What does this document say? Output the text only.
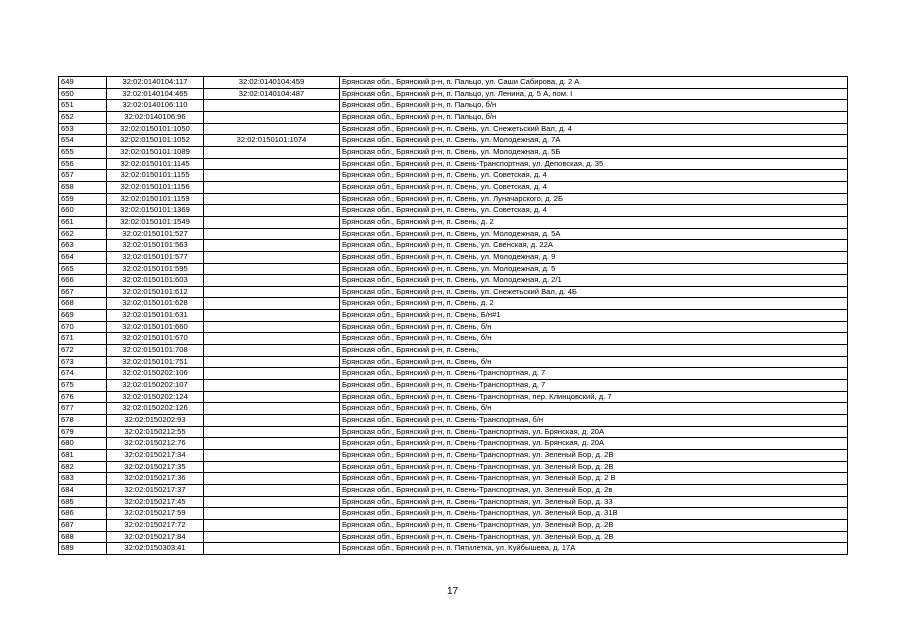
649	32:02:0140104:117	32:02:0140104:459	Брянская обл., Брянский р-н, п. Пальцо, ул. Саши Сабирова, д. 2 А
650	32:02:0140104:465	32:02:0140104:487	Брянская обл., Брянский р-н, п. Пальцо, ул. Ленина, д. 5 А, пом. I
651	32:02:0140106:110		Брянская обл., Брянский р-н, п. Пальцо, б/н
652	32:02:0140106:96		Брянская обл., Брянский р-н, п. Пальцо, б/н
653	32:02:0150101:1050		Брянская обл., Брянский р-н, п. Свень, ул. Снежетьский Вал, д. 4
654	32:02:0150101:1052	32:02:0150101:1074	Брянская обл., Брянский р-н, п. Свень, ул. Молодежная, д. 7А
655	32:02:0150101:1089		Брянская обл., Брянский р-н, п. Свень, ул. Молодежная, д. 5Б
656	32:02:0150101:1145		Брянская обл., Брянский р-н, п. Свень-Транспортная, ул. Деповская, д. 35
657	32:02:0150101:1155		Брянская обл., Брянский р-н, п. Свень, ул. Советская, д. 4
658	32:02:0150101:1156		Брянская обл., Брянский р-н, п. Свень, ул. Советская, д. 4
659	32:02:0150101:1159		Брянская обл., Брянский р-н, п. Свень, ул. Луначарского, д. 2Б
660	32:02:0150101:1369		Брянская обл., Брянский р-н, п. Свень, ул. Советская, д. 4
661	32:02:0150101:1549		Брянская обл., Брянский р-н, п. Свень, д. 2
662	32:02:0150101:527		Брянская обл., Брянский р-н, п. Свень, ул. Молодежная, д. 5А
663	32:02:0150101:563		Брянская обл., Брянский р-н, п. Свень, ул. Свенская, д. 22А
664	32:02:0150101:577		Брянская обл., Брянский р-н, п. Свень, ул. Молодежная, д. 9
665	32:02:0150101:595		Брянская обл., Брянский р-н, п. Свень, ул. Молодежная, д. 5
666	32:02:0150101:603		Брянская обл., Брянский р-н, п. Свень, ул. Молодежная, д. 2/1
667	32:02:0150101:612		Брянская обл., Брянский р-н, п. Свень, ул. Снежетьский Вал, д. 4Б
668	32:02:0150101:628		Брянская обл., Брянский р-н, п. Свень, д. 2
669	32:02:0150101:631		Брянская обл., Брянский р-н, п. Свень, Б/н#1
670	32:02:0150101:660		Брянская обл., Брянский р-н, п. Свень, б/н
671	32:02:0150101:670		Брянская обл., Брянский р-н, п. Свень, б/н
672	32:02:0150101:708		Брянская обл., Брянский р-н, п. Свень,
673	32:02:0150101:751		Брянская обл., Брянский р-н, п. Свень, б/н
674	32:02:0150202:106		Брянская обл., Брянский р-н, п. Свень-Транспортная, д. 7
675	32:02:0150202:107		Брянская обл., Брянский р-н, п. Свень-Транспортная, д. 7
676	32:02:0150202:124		Брянская обл., Брянский р-н, п. Свень-Транспортная, пер. Клинцовский, д. 7
677	32:02:0150202:126		Брянская обл., Брянский р-н, п. Свень, б/н
678	32:02:0150202:93		Брянская обл., Брянский р-н, п. Свень-Транспортная, б/н
679	32:02:0150212:55		Брянская обл., Брянский р-н, п. Свень-Транспортная, ул. Брянская, д. 20А
680	32:02:0150212:76		Брянская обл., Брянский р-н, п. Свень-Транспортная, ул. Брянская, д. 20А
681	32:02:0150217:34		Брянская обл., Брянский р-н, п. Свень-Транспортная, ул. Зеленый Бор, д. 2В
682	32:02:0150217:35		Брянская обл., Брянский р-н, п. Свень-Транспортная, ул. Зеленый Бор, д. 2В
683	32:02:0150217:36		Брянская обл., Брянский р-н, п. Свень-Транспортная, ул. Зеленый Бор, д. 2 В
684	32:02:0150217:37		Брянская обл., Брянский р-н, п. Свень-Транспортная, ул. Зеленый Бор, д. 2в
685	32:02:0150217:45		Брянская обл., Брянский р-н, п. Свень-Транспортная, ул. Зеленый Бор, д. 33
686	32:02:0150217:59		Брянская обл., Брянский р-н, п. Свень-Транспортная, ул. Зеленый Бор, д. 31В
687	32:02:0150217:72		Брянская обл., Брянский р-н, п. Свень-Транспортная, ул. Зеленый Бор, д. 2В
688	32:02:0150217:84		Брянская обл., Брянский р-н, п. Свень-Транспортная, ул. Зеленый Бор, д. 2В
689	32:02:0150303:41		Брянская обл., Брянский р-н, п. Пятилетка, ул. Куйбышева, д. 17А
17
